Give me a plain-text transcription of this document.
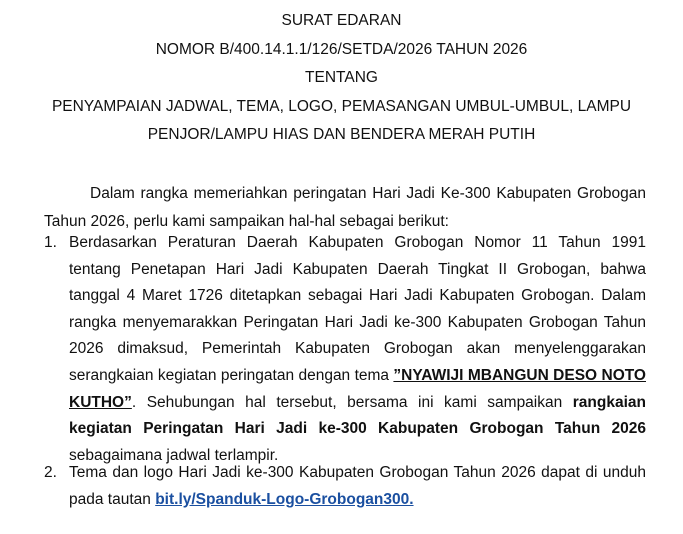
SURAT EDARAN
NOMOR B/400.14.1.1/126/SETDA/2026 TAHUN 2026
TENTANG
PENYAMPAIAN JADWAL, TEMA, LOGO, PEMASANGAN UMBUL-UMBUL, LAMPU
PENJOR/LAMPU HIAS DAN BENDERA MERAH PUTIH
Dalam rangka memeriahkan peringatan Hari Jadi Ke-300 Kabupaten Grobogan Tahun 2026, perlu kami sampaikan hal-hal sebagai berikut:
1. Berdasarkan Peraturan Daerah Kabupaten Grobogan Nomor 11 Tahun 1991 tentang Penetapan Hari Jadi Kabupaten Daerah Tingkat II Grobogan, bahwa tanggal 4 Maret 1726 ditetapkan sebagai Hari Jadi Kabupaten Grobogan. Dalam rangka menyemarakkan Peringatan Hari Jadi ke-300 Kabupaten Grobogan Tahun 2026 dimaksud, Pemerintah Kabupaten Grobogan akan menyelenggarakan serangkaian kegiatan peringatan dengan tema ”NYAWIJI MBANGUN DESO NOTO KUTHO”. Sehubungan hal tersebut, bersama ini kami sampaikan rangkaian kegiatan Peringatan Hari Jadi ke-300 Kabupaten Grobogan Tahun 2026 sebagaimana jadwal terlampir.
2. Tema dan logo Hari Jadi ke-300 Kabupaten Grobogan Tahun 2026 dapat di unduh pada tautan bit.ly/Spanduk-Logo-Grobogan300.
